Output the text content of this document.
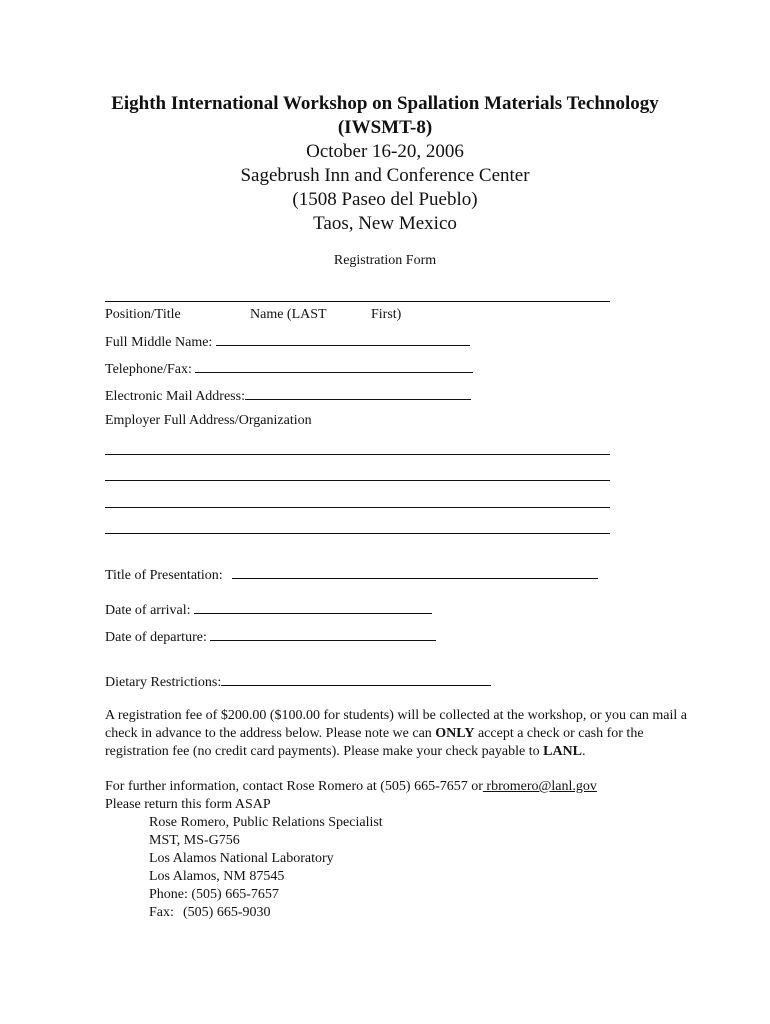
Eighth International Workshop on Spallation Materials Technology
(IWSMT-8)
October 16-20, 2006
Sagebrush Inn and Conference Center
(1508 Paseo del Pueblo)
Taos, New Mexico
Registration Form
Position/Title	Name (LAST	First)
Full Middle Name:
Telephone/Fax:
Electronic Mail Address:
Employer Full Address/Organization
Title of Presentation:
Date of arrival:
Date of departure:
Dietary Restrictions:
A registration fee of $200.00 ($100.00 for students) will be collected at the workshop, or you can mail a check in advance to the address below. Please note we can ONLY accept a check or cash for the registration fee (no credit card payments). Please make your check payable to LANL.
For further information, contact Rose Romero at (505) 665-7657 or rbromero@lanl.gov
Please return this form ASAP
Rose Romero, Public Relations Specialist
MST, MS-G756
Los Alamos National Laboratory
Los Alamos, NM 87545
Phone: (505) 665-7657
Fax: (505) 665-9030
